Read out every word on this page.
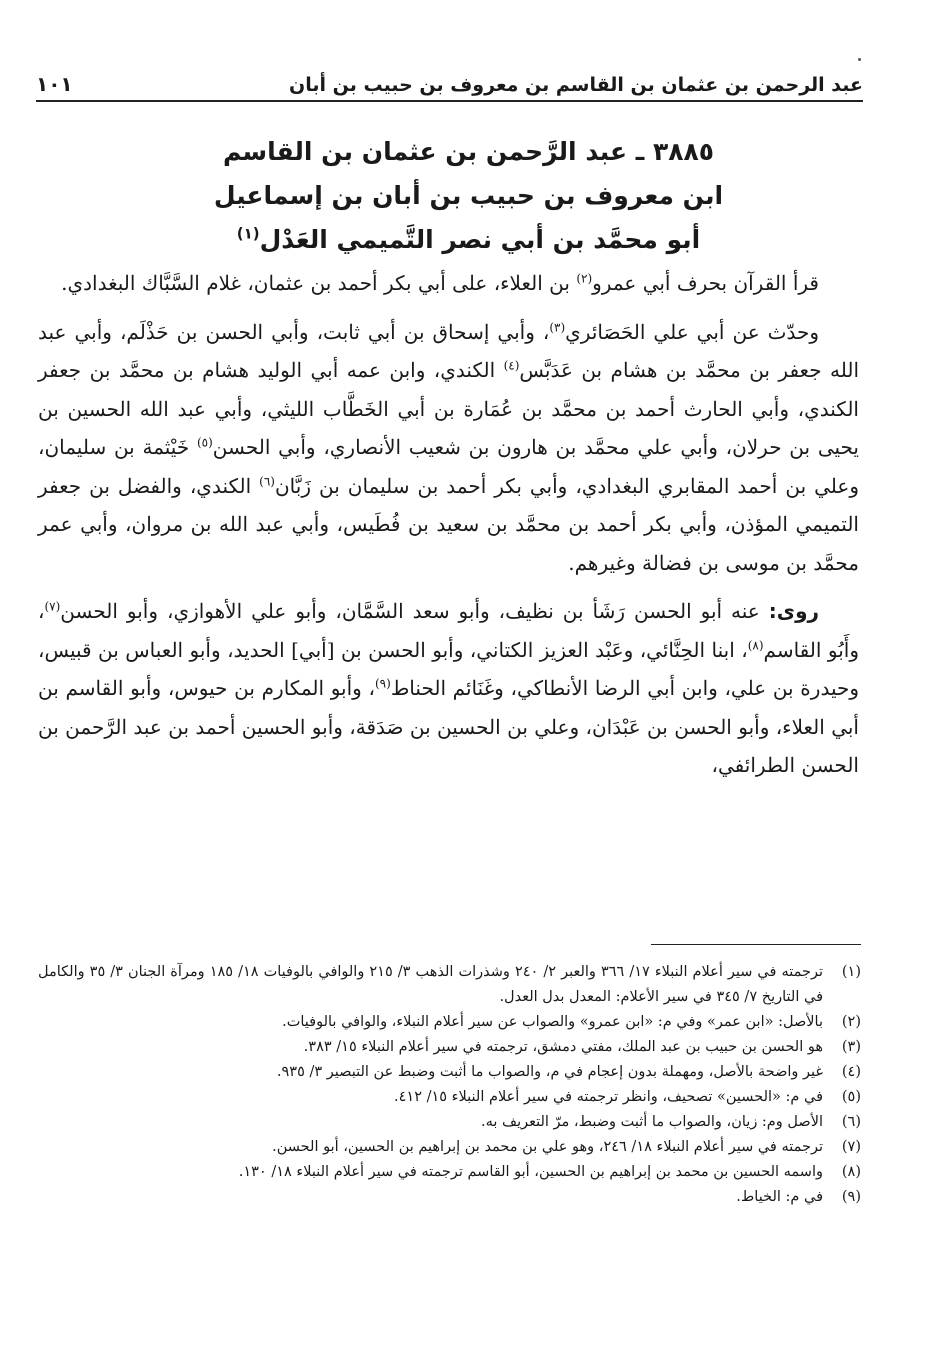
عبد الرحمن بن عثمان بن القاسم بن معروف بن حبيب بن أبان
١٠١
٣٨٨٥ ـ عبد الرَّحمن بن عثمان بن القاسم
ابن معروف بن حبيب بن أبان بن إسماعيل
أبو محمَّد بن أبي نصر التَّميمي العَدْل$^{(١)}$

قرأ القرآن بحرف أبي عمرو$^{(٢)}$ بن العلاء، على أبي بكر أحمد بن عثمان، غلام السَّبَّاك البغدادي.

وحدّث عن أبي علي الحَصَائري$^{(٣)}$، وأبي إسحاق بن أبي ثابت، وأبي الحسن بن حَذْلَم، وأبي عبد الله جعفر بن محمَّد بن هشام بن عَدَبَّس$^{(٤)}$ الكندي، وابن عمه أبي الوليد هشام بن محمَّد بن جعفر الكندي، وأبي الحارث أحمد بن محمَّد بن عُمَارة بن أبي الخَطَّاب الليثي، وأبي عبد الله الحسين بن يحيى بن حرلان، وأبي علي محمَّد بن هارون بن شعيب الأنصاري، وأبي الحسن$^{(٥)}$ خَيْثمة بن سليمان، وعلي بن أحمد المقابري البغدادي، وأبي بكر أحمد بن سليمان بن زَبَّان$^{(٦)}$ الكندي، والفضل بن جعفر التميمي المؤذن، وأبي بكر أحمد بن محمَّد بن سعيد بن فُطَيس، وأبي عبد الله بن مروان، وأبي عمر محمَّد بن موسى بن فضالة وغيرهم.

روى: عنه أبو الحسن رَشَأ بن نظيف، وأبو سعد السَّمَّان، وأبو علي الأهوازي، وأبو الحسن$^{(٧)}$، وأَبُو القاسم$^{(٨)}$، ابنا الحِنَّائي، وعَبْد العزيز الكتاني، وأبو الحسن بن [أبي] الحديد، وأبو العباس بن قبيس، وحيدرة بن علي، وابن أبي الرضا الأنطاكي، وغَنَائم الحناط$^{(٩)}$، وأبو المكارم بن حيوس، وأبو القاسم بن أبي العلاء، وأبو الحسن بن عَبْدَان، وعلي بن الحسين بن صَدَقة، وأبو الحسين أحمد بن عبد الرَّحمن بن الحسن الطرائفي،

(١)
ترجمته في سير أعلام النبلاء ١٧/ ٣٦٦ والعبر ٢/ ٢٤٠ وشذرات الذهب ٣/ ٢١٥ والوافي بالوفيات ١٨/ ١٨٥ ومرآة الجنان ٣/ ٣٥ والكامل في التاريخ ٧/ ٣٤٥ في سير الأعلام: المعدل بدل العدل.
(٢)
بالأصل: «ابن عمر» وفي م: «ابن عمرو» والصواب عن سير أعلام النبلاء، والوافي بالوفيات.
(٣)
هو الحسن بن حبيب بن عبد الملك، مفتي دمشق، ترجمته في سير أعلام النبلاء ١٥/ ٣٨٣.
(٤)
غير واضحة بالأصل، ومهملة بدون إعجام في م، والصواب ما أثبت وضبط عن التبصير ٣/ ٩٣٥.
(٥)
في م: «الحسين» تصحيف، وانظر ترجمته في سير أعلام النبلاء ١٥/ ٤١٢.
(٦)
الأصل وم: زيان، والصواب ما أثبت وضبط، مرّ التعريف به.
(٧)
ترجمته في سير أعلام النبلاء ١٨/ ٢٤٦، وهو علي بن محمد بن إبراهيم بن الحسين، أبو الحسن.
(٨)
واسمه الحسين بن محمد بن إبراهيم بن الحسين، أبو القاسم ترجمته في سير أعلام النبلاء ١٨/ ١٣٠.
(٩)
في م: الخياط.
